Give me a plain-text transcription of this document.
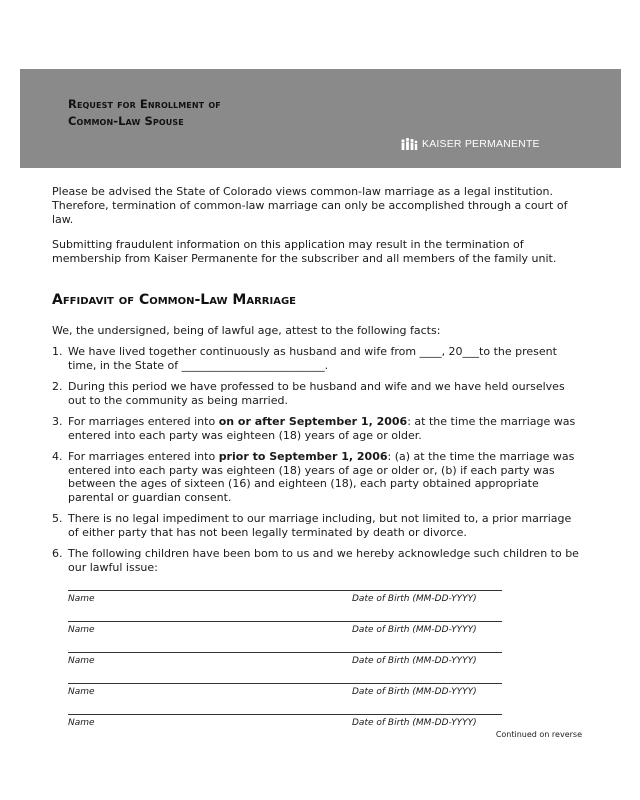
Request for Enrollment of
Common-Law Spouse
KAISER PERMANENTE

Please be advised the State of Colorado views common-law marriage as a legal institution. Therefore, termination of common-law marriage can only be accomplished through a court of law.

Submitting fraudulent information on this application may result in the termination of membership from Kaiser Permanente for the subscriber and all members of the family unit.

Affidavit of Common-Law Marriage
We, the undersigned, being of lawful age, attest to the following facts:
1. We have lived together continuously as husband and wife from ____, 20___to the present time, in the State of __________________________.
2. During this period we have professed to be husband and wife and we have held ourselves out to the community as being married.
3. For marriages entered into on or after September 1, 2006: at the time the marriage was entered into each party was eighteen (18) years of age or older.
4. For marriages entered into prior to September 1, 2006: (a) at the time the marriage was entered into each party was eighteen (18) years of age or older or, (b) if each party was between the ages of sixteen (16) and eighteen (18), each party obtained appropriate parental or guardian consent.
5. There is no legal impediment to our marriage including, but not limited to, a prior marriage of either party that has not been legally terminated by death or divorce.
6. The following children have been bom to us and we hereby acknowledge such children to be our lawful issue:
Name	Date of Birth (MM-DD-YYYY)
Name	Date of Birth (MM-DD-YYYY)
Name	Date of Birth (MM-DD-YYYY)
Name	Date of Birth (MM-DD-YYYY)
Name	Date of Birth (MM-DD-YYYY)
Continued on reverse
